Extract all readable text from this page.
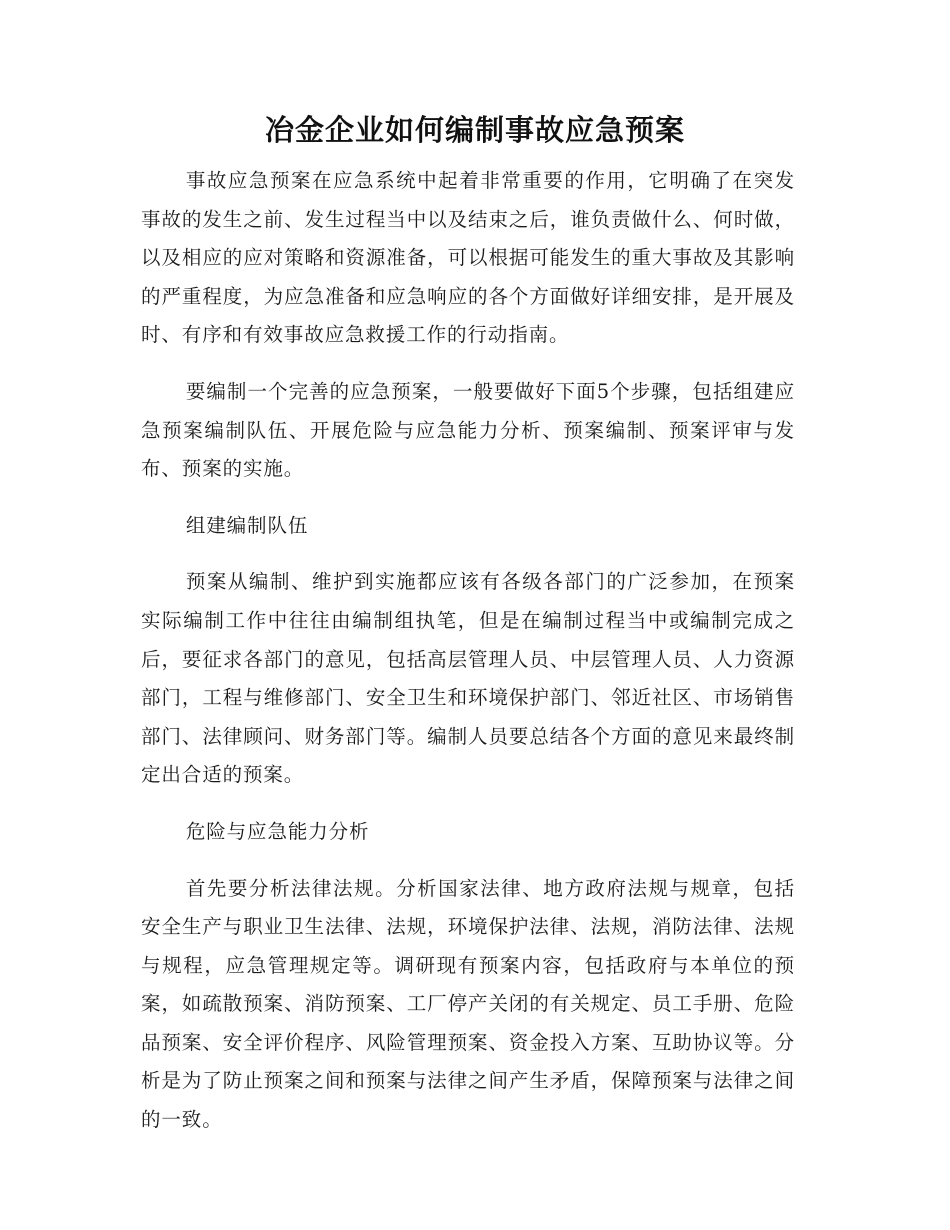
冶金企业如何编制事故应急预案

事故应急预案在应急系统中起着非常重要的作用，它明确了在突发事故的发生之前、发生过程当中以及结束之后，谁负责做什么、何时做，以及相应的应对策略和资源准备，可以根据可能发生的重大事故及其影响的严重程度，为应急准备和应急响应的各个方面做好详细安排，是开展及时、有序和有效事故应急救援工作的行动指南。

要编制一个完善的应急预案，一般要做好下面5个步骤，包括组建应急预案编制队伍、开展危险与应急能力分析、预案编制、预案评审与发布、预案的实施。

组建编制队伍

预案从编制、维护到实施都应该有各级各部门的广泛参加，在预案实际编制工作中往往由编制组执笔，但是在编制过程当中或编制完成之后，要征求各部门的意见，包括高层管理人员、中层管理人员、人力资源部门，工程与维修部门、安全卫生和环境保护部门、邻近社区、市场销售部门、法律顾问、财务部门等。编制人员要总结各个方面的意见来最终制定出合适的预案。

危险与应急能力分析

首先要分析法律法规。分析国家法律、地方政府法规与规章，包括安全生产与职业卫生法律、法规，环境保护法律、法规，消防法律、法规与规程，应急管理规定等。调研现有预案内容，包括政府与本单位的预案，如疏散预案、消防预案、工厂停产关闭的有关规定、员工手册、危险品预案、安全评价程序、风险管理预案、资金投入方案、互助协议等。分析是为了防止预案之间和预案与法律之间产生矛盾，保障预案与法律之间的一致。
